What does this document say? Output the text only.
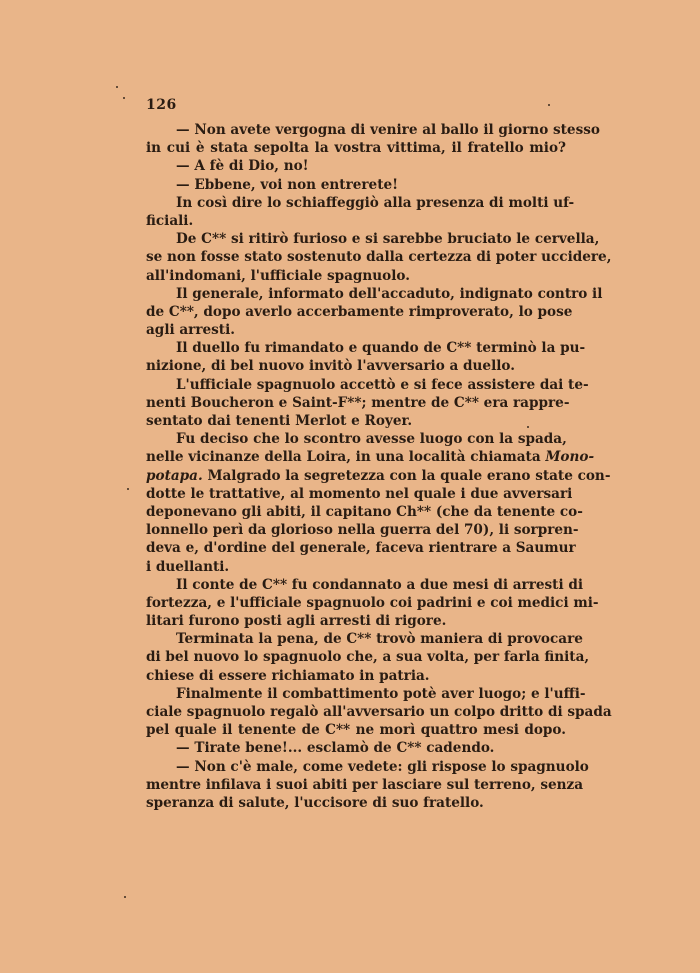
126
— Non avete vergogna di venire al ballo il giorno stesso
in cui è stata sepolta la vostra vittima, il fratello mio?
— A fè di Dio, no!
— Ebbene, voi non entrerete!
In così dire lo schiaffeggiò alla presenza di molti uf-
ficiali.
De C** si ritirò furioso e si sarebbe bruciato le cervella,
se non fosse stato sostenuto dalla certezza di poter uccidere,
all'indomani, l'ufficiale spagnuolo.
Il generale, informato dell'accaduto, indignato contro il
de C**, dopo averlo accerbamente rimproverato, lo pose
agli arresti.
Il duello fu rimandato e quando de C** terminò la pu-
nizione, di bel nuovo invitò l'avversario a duello.
L'ufficiale spagnuolo accettò e si fece assistere dai te-
nenti Boucheron e Saint-F**; mentre de C** era rappre-
sentato dai tenenti Merlot e Royer.
Fu deciso che lo scontro avesse luogo con la spada,
nelle vicinanze della Loira, in una località chiamata Mono-
potapa. Malgrado la segretezza con la quale erano state con-
dotte le trattative, al momento nel quale i due avversari
deponevano gli abiti, il capitano Ch** (che da tenente co-
lonnello perì da glorioso nella guerra del 70), li sorpren-
deva e, d'ordine del generale, faceva rientrare a Saumur
i duellanti.
Il conte de C** fu condannato a due mesi di arresti di
fortezza, e l'ufficiale spagnuolo coi padrini e coi medici mi-
litari furono posti agli arresti di rigore.
Terminata la pena, de C** trovò maniera di provocare
di bel nuovo lo spagnuolo che, a sua volta, per farla finita,
chiese di essere richiamato in patria.
Finalmente il combattimento potè aver luogo; e l'uffi-
ciale spagnuolo regalò all'avversario un colpo dritto di spada
pel quale il tenente de C** ne morì quattro mesi dopo.
— Tirate bene!... esclamò de C** cadendo.
— Non c'è male, come vedete: gli rispose lo spagnuolo
mentre infilava i suoi abiti per lasciare sul terreno, senza
speranza di salute, l'uccisore di suo fratello.
